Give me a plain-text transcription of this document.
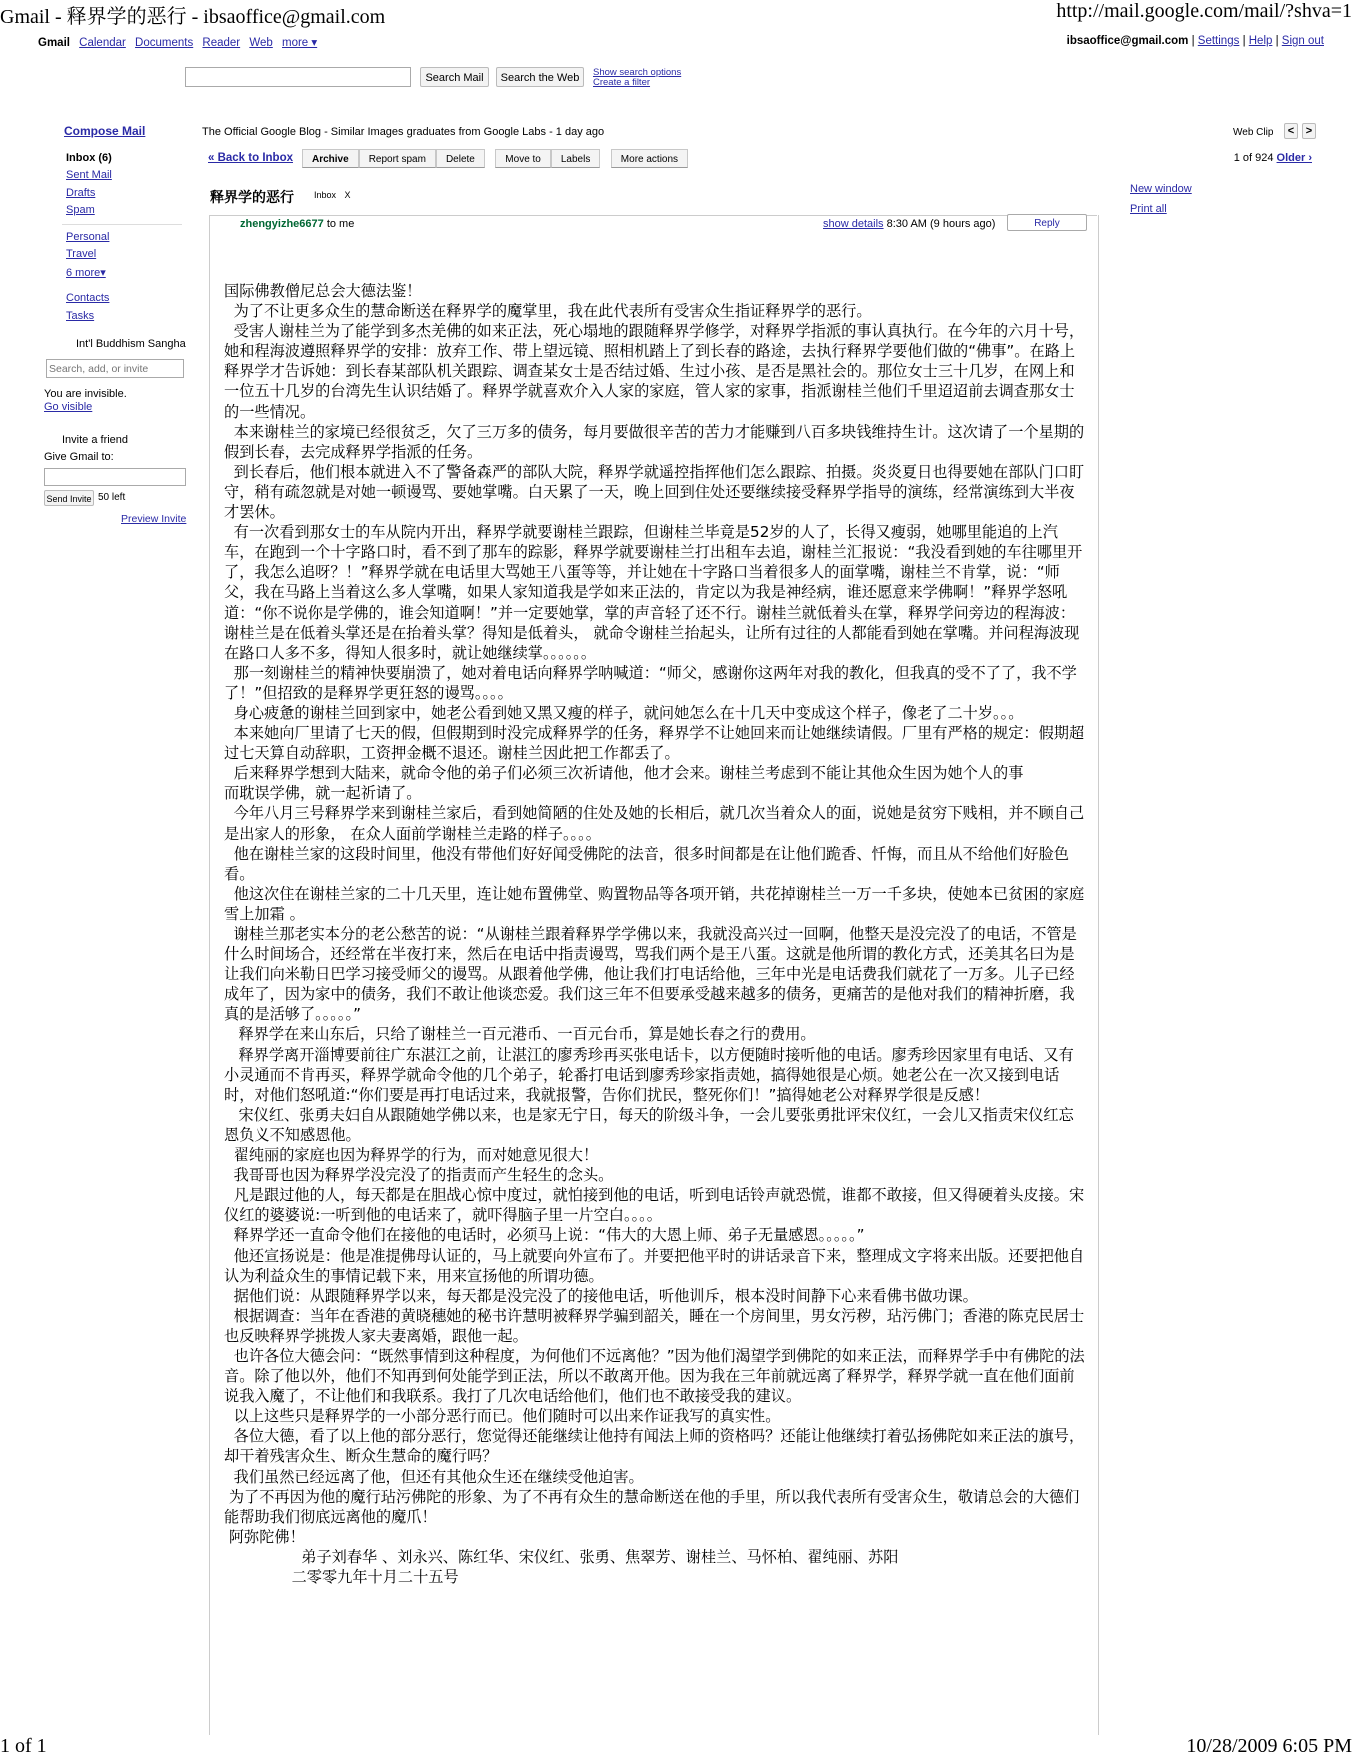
Gmail - 释界学的恶行 - ibsaoffice@gmail.com	http://mail.google.com/mail/?shva=1
1 of 1	10/28/2009 6:05 PM
Gmail Calendar Documents Reader Web more ▾	ibsaoffice@gmail.com | Settings | Help | Sign out
Search Mail	Search the Web	Show search options
Create a filter
Compose Mail
Inbox (6)
Sent Mail
Drafts
Spam
Personal
Travel
6 more▾
Contacts
Tasks
Int'l Buddhism Sangha
Search, add, or invite
You are invisible.
Go visible
Invite a friend
Give Gmail to:
Send Invite 50 left
Preview Invite
The Official Google Blog - Similar Images graduates from Google Labs - 1 day ago	Web Clip	<	>
« Back to Inbox	Archive Report spam Delete	Move to Labels	More actions	1 of 924 Older ›
释界学的恶行 Inbox X
zhengyizhe6677 to me	show details 8:30 AM (9 hours ago)	Reply
New window
Print all

国际佛教僧尼总会大德法鉴！

为了不让更多众生的慧命断送在释界学的魔掌里，我在此代表所有受害众生指证释界学的恶行。

受害人谢桂兰为了能学到多杰羌佛的如来正法，死心塌地的跟随释界学修学，对释界学指派的事认真执行。在今年的六月十号，她和程海波遵照释界学的安排：放弃工作、带上望远镜、照相机踏上了到长春的路途，去执行释界学要他们做的“佛事”。在路上释界学才告诉她：到长春某部队机关跟踪、调查某女士是否结过婚、生过小孩、是否是黑社会的。那位女士三十几岁，在网上和一位五十几岁的台湾先生认识结婚了。释界学就喜欢介入人家的家庭，管人家的家事，指派谢桂兰他们千里迢迢前去调查那女士的一些情况。

本来谢桂兰的家境已经很贫乏，欠了三万多的债务，每月要做很辛苦的苦力才能赚到八百多块钱维持生计。这次请了一个星期的假到长春，去完成释界学指派的任务。

到长春后，他们根本就进入不了警备森严的部队大院，释界学就遥控指挥他们怎么跟踪、拍摄。炎炎夏日也得要她在部队门口盯守，稍有疏忽就是对她一顿谩骂、要她掌嘴。白天累了一天，晚上回到住处还要继续接受释界学指导的演练，经常演练到大半夜才罢休。

有一次看到那女士的车从院内开出，释界学就要谢桂兰跟踪，但谢桂兰毕竟是52岁的人了，长得又瘦弱，她哪里能追的上汽车，在跑到一个十字路口时，看不到了那车的踪影，释界学就要谢桂兰打出租车去追，谢桂兰汇报说：“我没看到她的车往哪里开了，我怎么追呀？！”释界学就在电话里大骂她王八蛋等等，并让她在十字路口当着很多人的面掌嘴，谢桂兰不肯掌，说：“师父，我在马路上当着这么多人掌嘴，如果人家知道我是学如来正法的，肯定以为我是神经病，谁还愿意来学佛啊！”释界学怒吼道：“你不说你是学佛的，谁会知道啊！”并一定要她掌，掌的声音轻了还不行。谢桂兰就低着头在掌，释界学问旁边的程海波：谢桂兰是在低着头掌还是在抬着头掌？得知是低着头， 就命令谢桂兰抬起头，让所有过往的人都能看到她在掌嘴。并问程海波现在路口人多不多，得知人很多时，就让她继续掌。。。。。。

那一刻谢桂兰的精神快要崩溃了，她对着电话向释界学呐喊道：“师父，感谢你这两年对我的教化，但我真的受不了了，我不学了！”但招致的是释界学更狂怒的谩骂。。。。

身心疲惫的谢桂兰回到家中，她老公看到她又黑又瘦的样子，就问她怎么在十几天中变成这个样子，像老了二十岁。。。

本来她向厂里请了七天的假，但假期到时没完成释界学的任务，释界学不让她回来而让她继续请假。厂里有严格的规定：假期超过七天算自动辞职，工资押金概不退还。谢桂兰因此把工作都丢了。

后来释界学想到大陆来，就命令他的弟子们必须三次祈请他，他才会来。谢桂兰考虑到不能让其他众生因为她个人的事

而耽误学佛，就一起祈请了。

今年八月三号释界学来到谢桂兰家后，看到她简陋的住处及她的长相后，就几次当着众人的面，说她是贫穷下贱相，并不顾自己是出家人的形象， 在众人面前学谢桂兰走路的样子。。。。

他在谢桂兰家的这段时间里，他没有带他们好好闻受佛陀的法音，很多时间都是在让他们跪香、忏悔，而且从不给他们好脸色看。

他这次住在谢桂兰家的二十几天里，连让她布置佛堂、购置物品等各项开销，共花掉谢桂兰一万一千多块，使她本已贫困的家庭雪上加霜 。

谢桂兰那老实本分的老公愁苦的说：“从谢桂兰跟着释界学学佛以来，我就没高兴过一回啊，他整天是没完没了的电话，不管是什么时间场合，还经常在半夜打来，然后在电话中指责谩骂，骂我们两个是王八蛋。这就是他所谓的教化方式，还美其名曰为是让我们向米勒日巴学习接受师父的谩骂。从跟着他学佛，他让我们打电话给他，三年中光是电话费我们就花了一万多。儿子已经成年了，因为家中的债务，我们不敢让他谈恋爱。我们这三年不但要承受越来越多的债务，更痛苦的是他对我们的精神折磨，我真的是活够了。。。。。”

释界学在来山东后，只给了谢桂兰一百元港币、一百元台币，算是她长春之行的费用。

释界学离开淄博要前往广东湛江之前，让湛江的廖秀珍再买张电话卡，以方便随时接听他的电话。廖秀珍因家里有电话、又有小灵通而不肯再买，释界学就命令他的几个弟子，轮番打电话到廖秀珍家指责她，搞得她很是心烦。她老公在一次又接到电话时，对他们怒吼道:“你们要是再打电话过来，我就报警，告你们扰民，整死你们！”搞得她老公对释界学很是反感！

宋仪红、张勇夫妇自从跟随她学佛以来，也是家无宁日，每天的阶级斗争，一会儿要张勇批评宋仪红，一会儿又指责宋仪红忘恩负义不知感恩他。

翟纯丽的家庭也因为释界学的行为，而对她意见很大！

我哥哥也因为释界学没完没了的指责而产生轻生的念头。

凡是跟过他的人，每天都是在胆战心惊中度过，就怕接到他的电话，听到电话铃声就恐慌，谁都不敢接，但又得硬着头皮接。宋仪红的婆婆说:一听到他的电话来了，就吓得脑子里一片空白。。。。

释界学还一直命令他们在接他的电话时，必须马上说：“伟大的大恩上师、弟子无量感恩。。。。。”

他还宣扬说是：他是准提佛母认证的，马上就要向外宣布了。并要把他平时的讲话录音下来，整理成文字将来出版。还要把他自认为利益众生的事情记载下来，用来宣扬他的所谓功德。

据他们说：从跟随释界学以来，每天都是没完没了的接他电话，听他训斥，根本没时间静下心来看佛书做功课。

根据调查：当年在香港的黄晓穗她的秘书许慧明被释界学骗到韶关，睡在一个房间里，男女污秽，玷污佛门；香港的陈克民居士也反映释界学挑拨人家夫妻离婚，跟他一起。

也许各位大德会问：“既然事情到这种程度，为何他们不远离他？”因为他们渴望学到佛陀的如来正法，而释界学手中有佛陀的法音。除了他以外，他们不知再到何处能学到正法，所以不敢离开他。因为我在三年前就远离了释界学，释界学就一直在他们面前说我入魔了，不让他们和我联系。我打了几次电话给他们，他们也不敢接受我的建议。

以上这些只是释界学的一小部分恶行而已。他们随时可以出来作证我写的真实性。

各位大德，看了以上他的部分恶行，您觉得还能继续让他持有闻法上师的资格吗？还能让他继续打着弘扬佛陀如来正法的旗号，却干着残害众生、断众生慧命的魔行吗？

我们虽然已经远离了他，但还有其他众生还在继续受他迫害。

为了不再因为他的魔行玷污佛陀的形象、为了不再有众生的慧命断送在他的手里，所以我代表所有受害众生，敬请总会的大德们能帮助我们彻底远离他的魔爪！

阿弥陀佛！

弟子刘春华 、刘永兴、陈红华、宋仪红、张勇、焦翠芳、谢桂兰、马怀柏、翟纯丽、苏阳

二零零九年十月二十五号
